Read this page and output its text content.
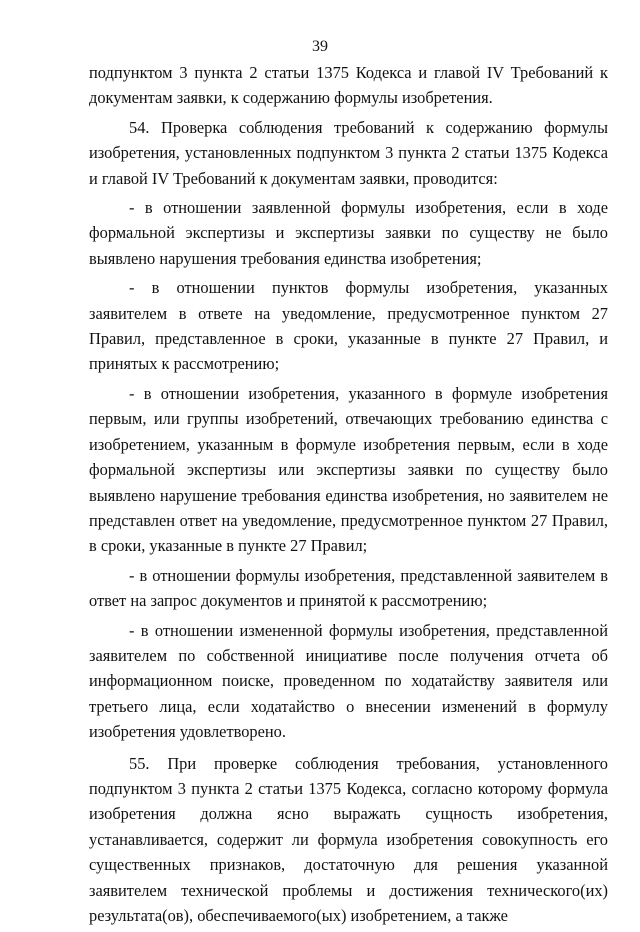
39

подпунктом 3 пункта 2 статьи 1375 Кодекса и главой IV Требований к документам заявки, к содержанию формулы изобретения.

54. Проверка соблюдения требований к содержанию формулы изобретения, установленных подпунктом 3 пункта 2 статьи 1375 Кодекса и главой IV Требований к документам заявки, проводится:

- в отношении заявленной формулы изобретения, если в ходе формальной экспертизы и экспертизы заявки по существу не было выявлено нарушения требования единства изобретения;

- в отношении пунктов формулы изобретения, указанных заявителем в ответе на уведомление, предусмотренное пунктом 27 Правил, представленное в сроки, указанные в пункте 27 Правил, и принятых к рассмотрению;

- в отношении изобретения, указанного в формуле изобретения первым, или группы изобретений, отвечающих требованию единства с изобретением, указанным в формуле изобретения первым, если в ходе формальной экспертизы или экспертизы заявки по существу было выявлено нарушение требования единства изобретения, но заявителем не представлен ответ на уведомление, предусмотренное пунктом 27 Правил, в сроки, указанные в пункте 27 Правил;

- в отношении формулы изобретения, представленной заявителем в ответ на запрос документов и принятой к рассмотрению;

- в отношении измененной формулы изобретения, представленной заявителем по собственной инициативе после получения отчета об информационном поиске, проведенном по ходатайству заявителя или третьего лица, если ходатайство о внесении изменений в формулу изобретения удовлетворено.

55. При проверке соблюдения требования, установленного подпунктом 3 пункта 2 статьи 1375 Кодекса, согласно которому формула изобретения должна ясно выражать сущность изобретения, устанавливается, содержит ли формула изобретения совокупность его существенных признаков, достаточную для решения указанной заявителем технической проблемы и достижения технического(их) результата(ов), обеспечиваемого(ых) изобретением, а также
